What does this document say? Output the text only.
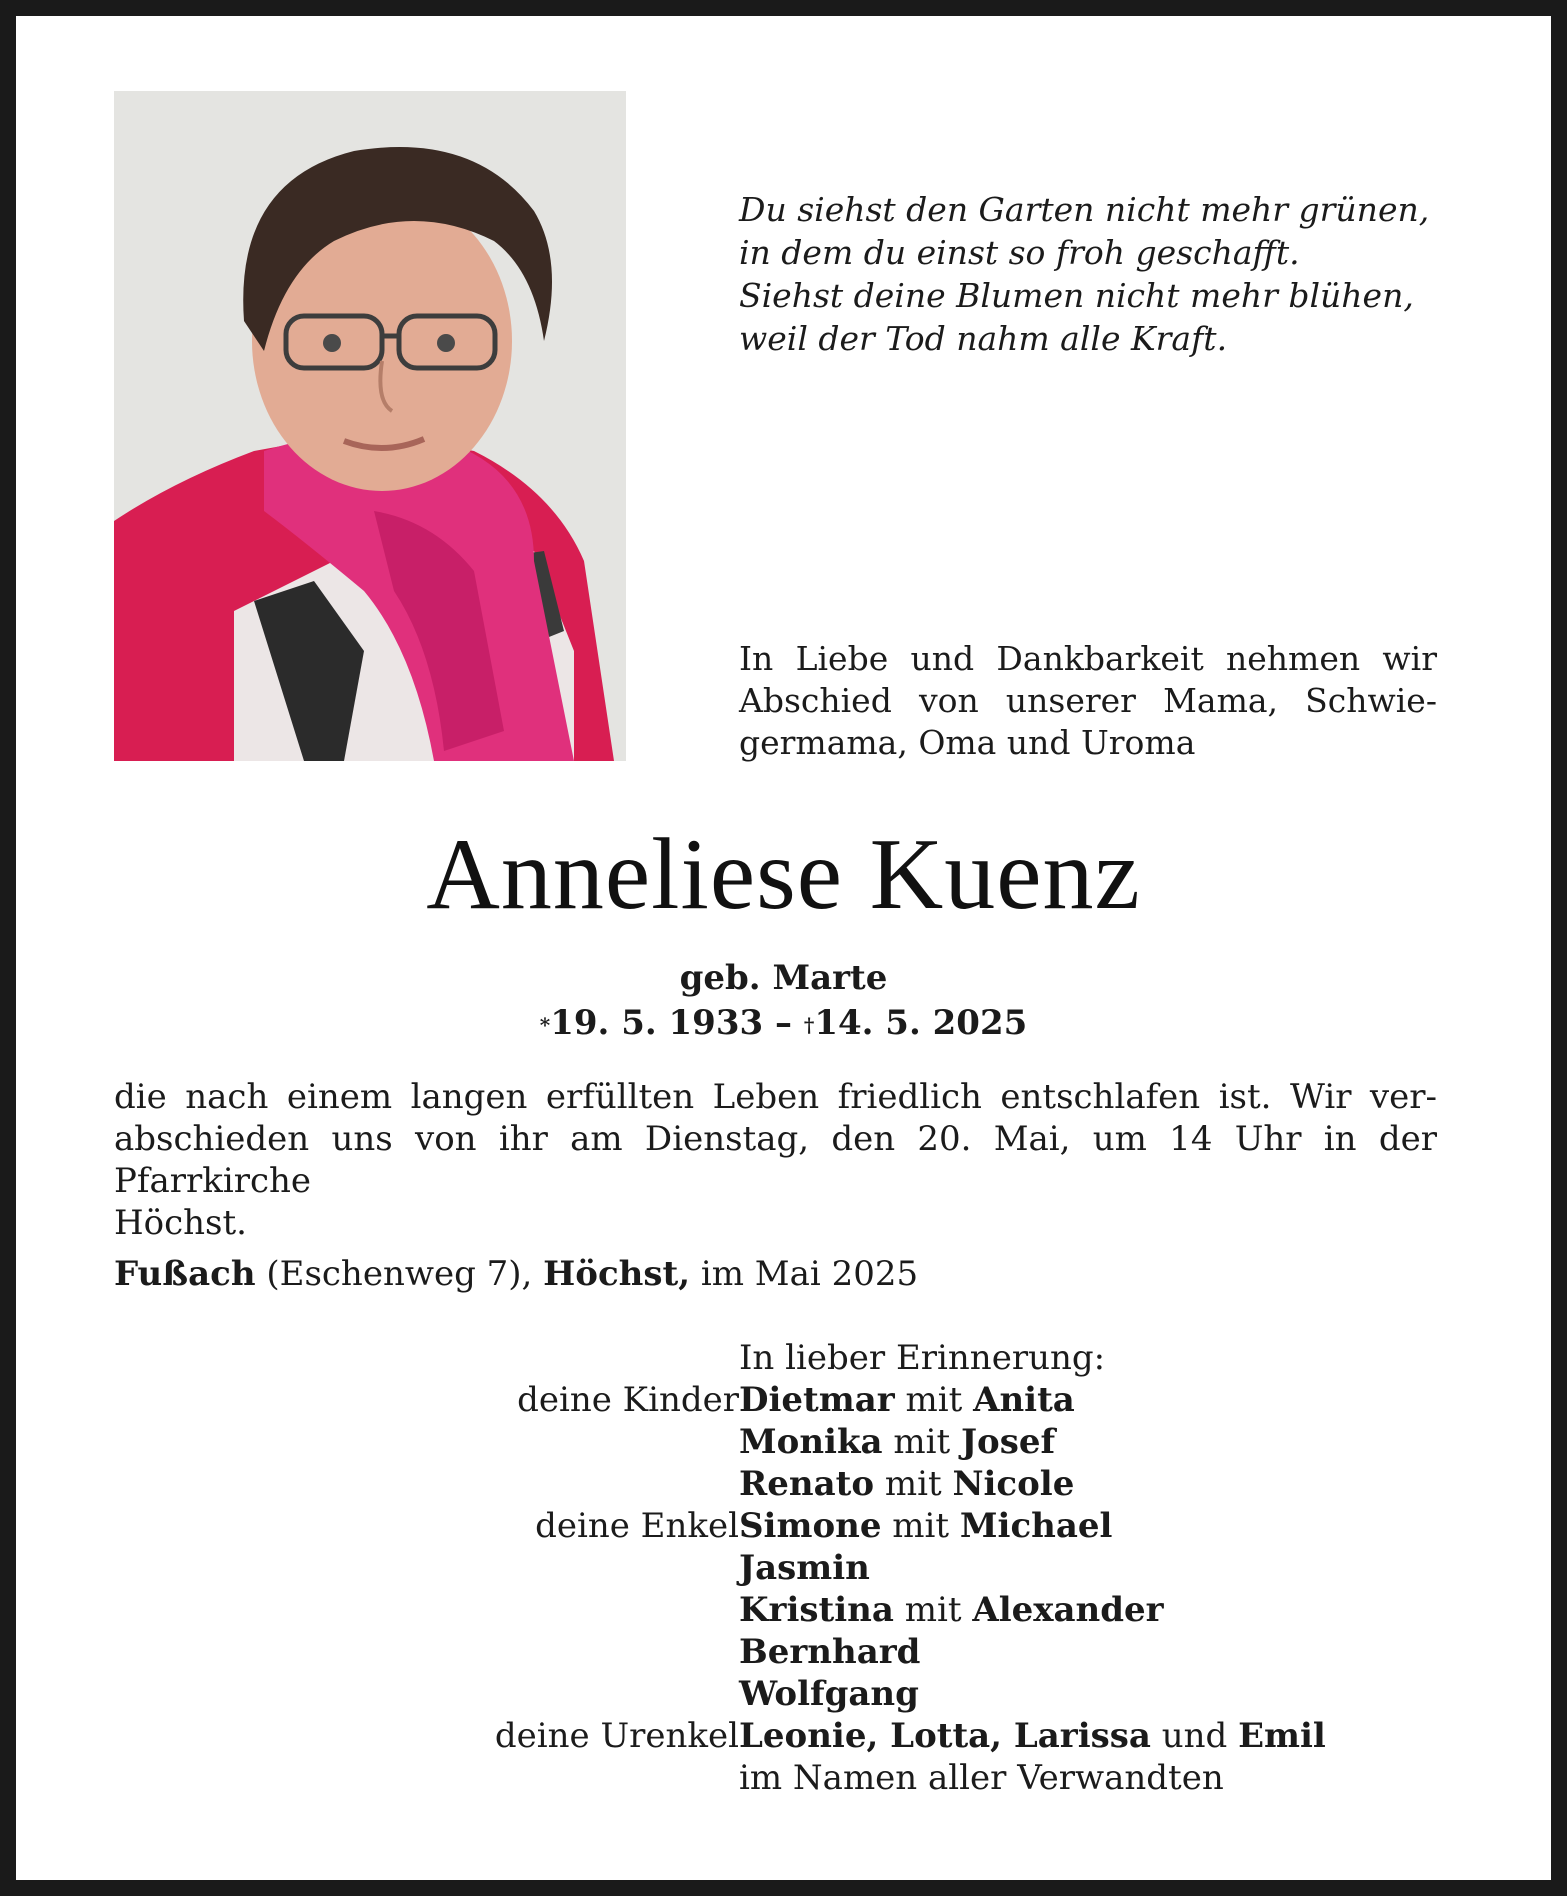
Du siehst den Garten nicht mehr grünen,
in dem du einst so froh geschafft.
Siehst deine Blumen nicht mehr blühen,
weil der Tod nahm alle Kraft.
In Liebe und Dankbarkeit nehmen wir
Abschied von unserer Mama, Schwie-
germama, Oma und Uroma
Anneliese Kuenz
geb. Marte
*19. 5. 1933 – †14. 5. 2025
die nach einem langen erfüllten Leben friedlich entschlafen ist. Wir ver-
abschieden uns von ihr am Dienstag, den 20. Mai, um 14 Uhr in der Pfarrkirche
Höchst.
Fußach (Eschenweg 7), Höchst, im Mai 2025
In lieber Erinnerung:
deine Kinder Dietmar mit Anita
Monika mit Josef
Renato mit Nicole
deine Enkel Simone mit Michael
Jasmin
Kristina mit Alexander
Bernhard
Wolfgang
deine Urenkel Leonie, Lotta, Larissa und Emil
im Namen aller Verwandten
